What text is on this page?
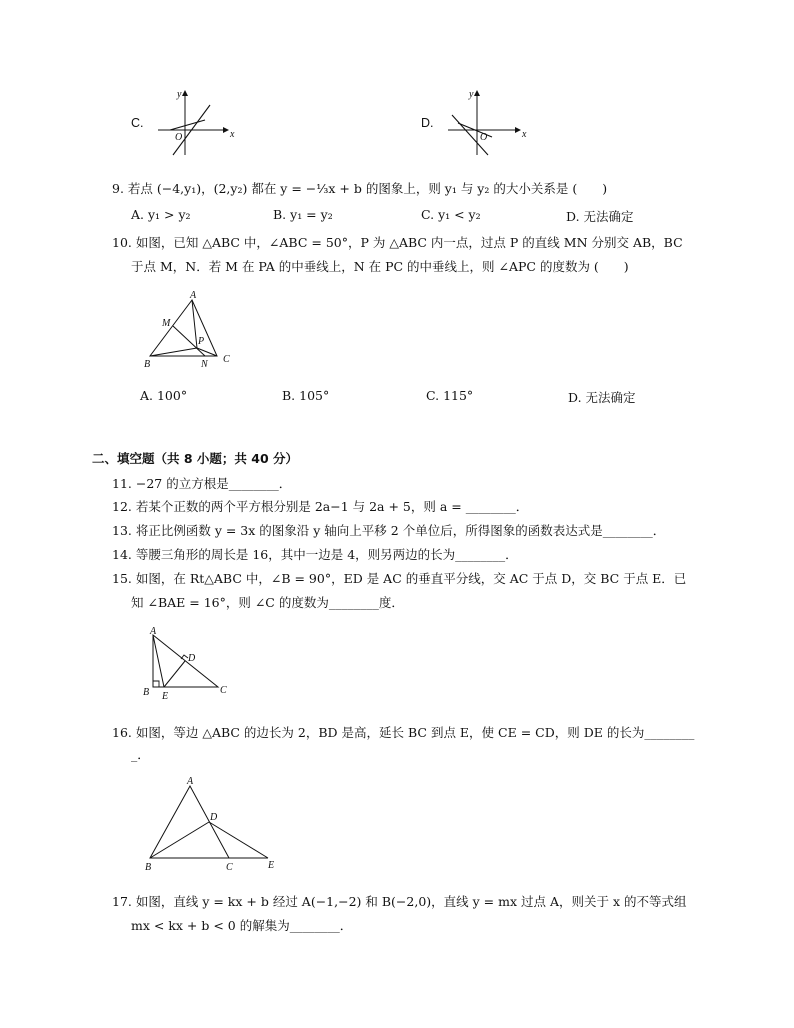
C.
y
x
O
D.
y
x
O
9. 若点 (−4,y₁)，(2,y₂) 都在 y = −⅓x + b 的图象上，则 y₁ 与 y₂ 的大小关系是 (　　)
A. y₁ > y₂	B. y₁ = y₂	C. y₁ < y₂	D. 无法确定
10. 如图，已知 △ABC 中，∠ABC = 50°，P 为 △ABC 内一点，过点 P 的直线 MN 分别交 AB，BC
于点 M，N．若 M 在 PA 的中垂线上，N 在 PC 的中垂线上，则 ∠APC 的度数为 (　　)
A
M
P
B	N C
A. 100°	B. 105°	C. 115°	D. 无法确定
二、填空题（共 8 小题；共 40 分）
11. −27 的立方根是________．
12. 若某个正数的两个平方根分别是 2a−1 与 2a + 5，则 a = ________．
13. 将正比例函数 y = 3x 的图象沿 y 轴向上平移 2 个单位后，所得图象的函数表达式是________．
14. 等腰三角形的周长是 16，其中一边是 4，则另两边的长为________．
15. 如图，在 Rt△ABC 中，∠B = 90°，ED 是 AC 的垂直平分线，交 AC 于点 D，交 BC 于点 E．已
知 ∠BAE = 16°，则 ∠C 的度数为________度．
A
D
B E
C
16. 如图，等边 △ABC 的边长为 2，BD 是高，延长 BC 到点 E，使 CE = CD，则 DE 的长为________
_．
A
D
B	C	E
17. 如图，直线 y = kx + b 经过 A(−1,−2) 和 B(−2,0)，直线 y = mx 过点 A，则关于 x 的不等式组
mx < kx + b < 0 的解集为________．
